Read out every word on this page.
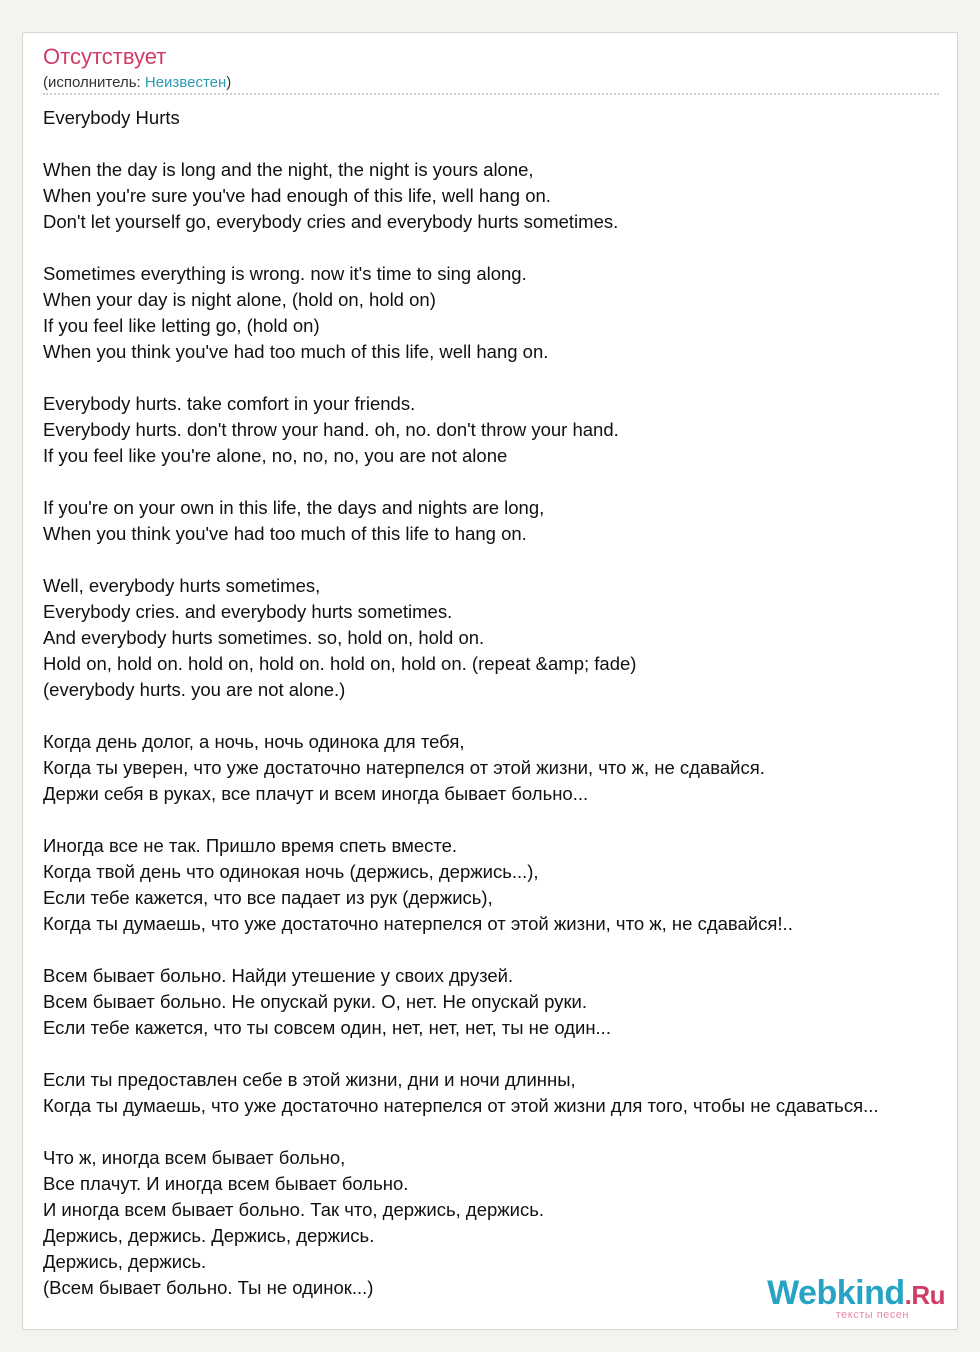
Отсутствует
(исполнитель: Неизвестен)
Everybody Hurts
When the day is long and the night, the night is yours alone,
When you're sure you've had enough of this life, well hang on.
Don't let yourself go, everybody cries and everybody hurts sometimes.
Sometimes everything is wrong. now it's time to sing along.
When your day is night alone, (hold on, hold on)
If you feel like letting go, (hold on)
When you think you've had too much of this life, well hang on.
Everybody hurts. take comfort in your friends.
Everybody hurts. don't throw your hand. oh, no. don't throw your hand.
If you feel like you're alone, no, no, no, you are not alone
If you're on your own in this life, the days and nights are long,
When you think you've had too much of this life to hang on.
Well, everybody hurts sometimes,
Everybody cries. and everybody hurts sometimes.
And everybody hurts sometimes. so, hold on, hold on.
Hold on, hold on. hold on, hold on. hold on, hold on. (repeat &amp; fade)
(everybody hurts. you are not alone.)
Когда день долог, а ночь, ночь одинока для тебя,
Когда ты уверен, что уже достаточно натерпелся от этой жизни, что ж, не сдавайся.
Держи себя в руках, все плачут и всем иногда бывает больно...
Иногда все не так. Пришло время спеть вместе.
Когда твой день что одинокая ночь (держись, держись...),
Если тебе кажется, что все падает из рук (держись),
Когда ты думаешь, что уже достаточно натерпелся от этой жизни, что ж, не сдавайся!..
Всем бывает больно. Найди утешение у своих друзей.
Всем бывает больно. Не опускай руки. О, нет. Не опускай руки.
Если тебе кажется, что ты совсем один, нет, нет, нет, ты не один...
Если ты предоставлен себе в этой жизни, дни и ночи длинны,
Когда ты думаешь, что уже достаточно натерпелся от этой жизни для того, чтобы не сдаваться...
Что ж, иногда всем бывает больно,
Все плачут. И иногда всем бывает больно.
И иногда всем бывает больно. Так что, держись, держись.
Держись, держись. Держись, держись.
Держись, держись.
(Всем бывает больно. Ты не одинок...)	Webkind.Ru
тексты песен
